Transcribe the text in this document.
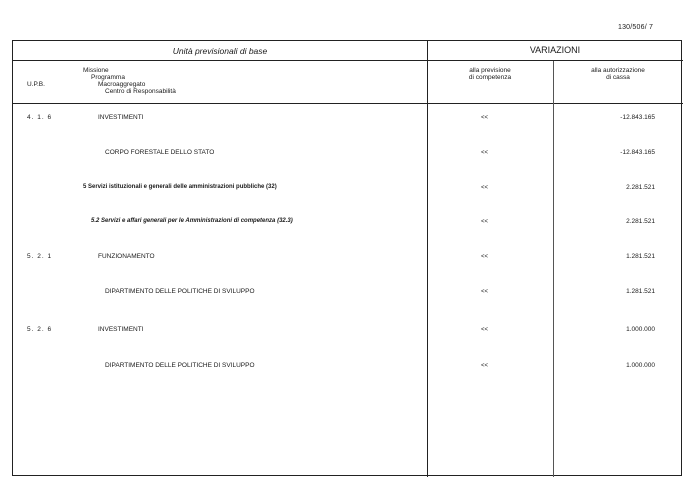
130/506/ 7
Unità previsionali di base	VARIAZIONI
U.P.B.
Missione
Programma
Macroaggregato
Centro di Responsabilità
alla previsione
di competenza
alla autorizzazione
di cassa
4. 1. 6	INVESTIMENTI	<<	-12.843.165
CORPO FORESTALE DELLO STATO	<<	-12.843.165
5 Servizi istituzionali e generali delle amministrazioni pubbliche (32)	<<	2.281.521
5.2 Servizi e affari generali per le Amministrazioni di competenza (32.3)	<<	2.281.521
5. 2. 1	FUNZIONAMENTO	<<	1.281.521
DIPARTIMENTO DELLE POLITICHE DI SVILUPPO	<<	1.281.521
5. 2. 6	INVESTIMENTI	<<	1.000.000
DIPARTIMENTO DELLE POLITICHE DI SVILUPPO	<<	1.000.000
